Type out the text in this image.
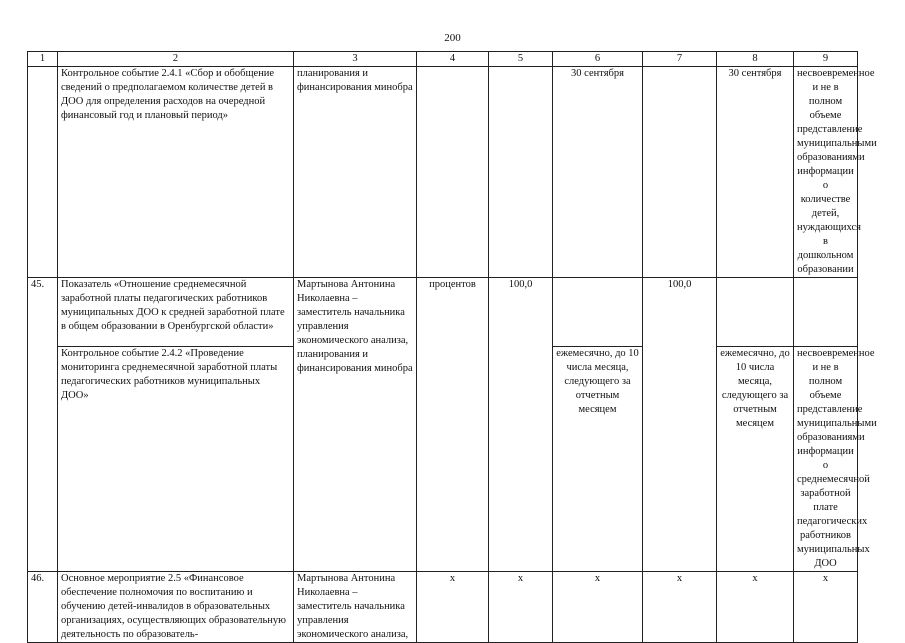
200
1	2	3	4	5	6	7	8	9
	Контрольное событие 2.4.1 «Сбор и обобщение сведений о предполагаемом количестве детей в ДОО для определения расходов на очередной финансовый год и плановый период»	планирования и финансирования минобра			30 сентября		30 сентября	несвоевременное и не в полном объеме представление муниципальными образованиями информации о количестве детей, нуждающихся в дошкольном образовании
45.	Показатель «Отношение среднемесячной заработной платы педагогических работников муниципальных ДОО к средней заработной плате в общем образовании в Оренбургской области»	Мартынова Антонина Николаевна – заместитель начальника управления экономического анализа, планирования и финансирования минобра	процентов	100,0		100,0		
	Контрольное событие 2.4.2 «Проведение мониторинга среднемесячной заработной платы педагогических работников муниципальных ДОО»				ежемесячно, до 10 числа месяца, следующего за отчетным месяцем		ежемесячно, до 10 числа месяца, следующего за отчетным месяцем	несвоевременное и не в полном объеме представление муниципальными образованиями информации о среднемесячной заработной плате педагогических работников муниципальных ДОО
46.	Основное мероприятие 2.5 «Финансовое обеспечение полномочия по воспитанию и обучению детей-инвалидов в образовательных организациях, осуществляющих образовательную деятельность по образователь-	Мартынова Антонина Николаевна – заместитель начальника управления экономического анализа,	x	x	x	x	x	x
